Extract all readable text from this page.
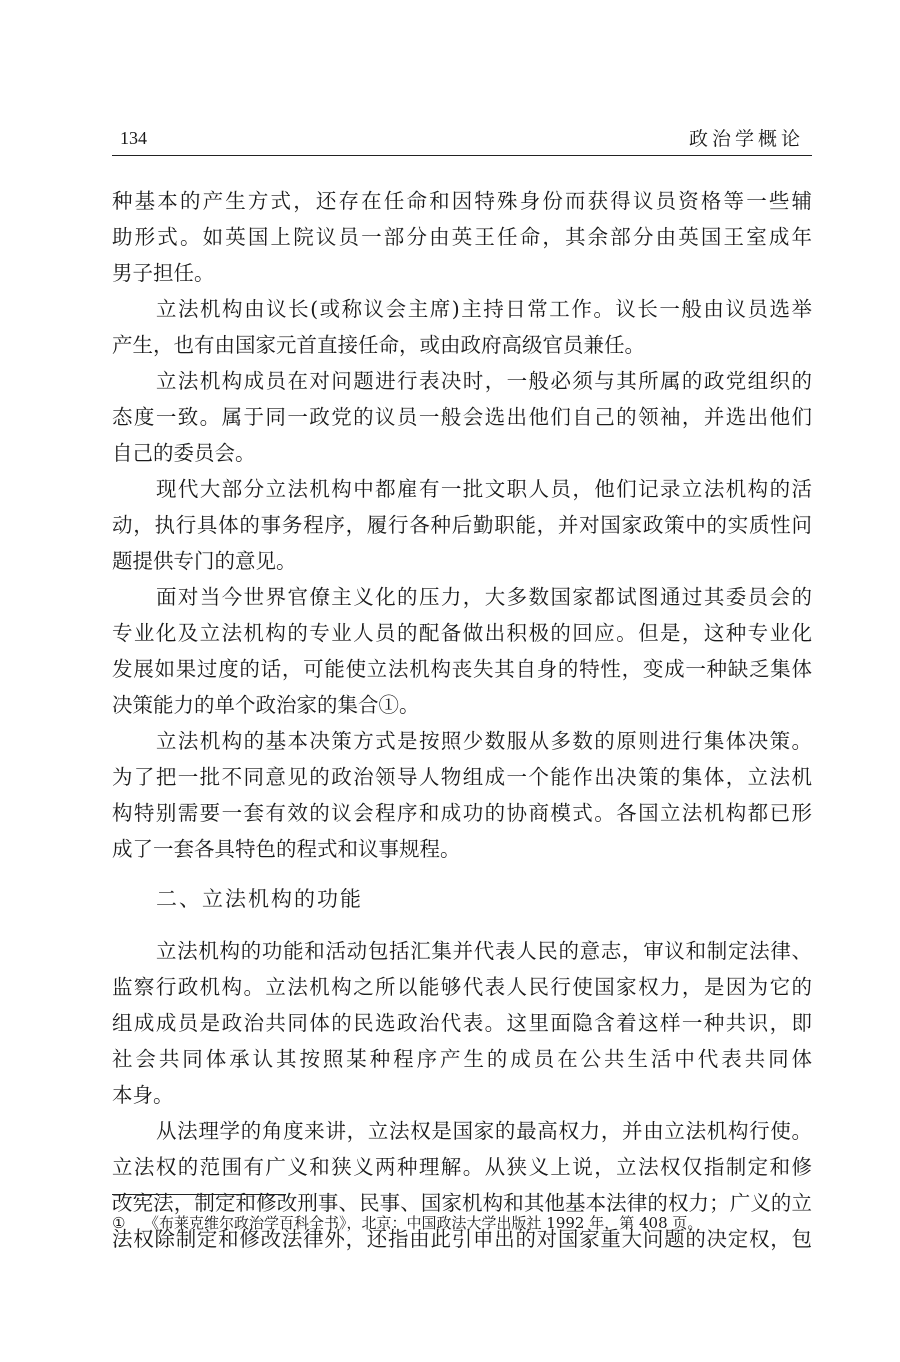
134	政治学概论
种基本的产生方式，还存在任命和因特殊身份而获得议员资格等一些辅
助形式。如英国上院议员一部分由英王任命，其余部分由英国王室成年
男子担任。
立法机构由议长(或称议会主席)主持日常工作。议长一般由议员选举
产生，也有由国家元首直接任命，或由政府高级官员兼任。
立法机构成员在对问题进行表决时，一般必须与其所属的政党组织的
态度一致。属于同一政党的议员一般会选出他们自己的领袖，并选出他们
自己的委员会。
现代大部分立法机构中都雇有一批文职人员，他们记录立法机构的活
动，执行具体的事务程序，履行各种后勤职能，并对国家政策中的实质性问
题提供专门的意见。
面对当今世界官僚主义化的压力，大多数国家都试图通过其委员会的
专业化及立法机构的专业人员的配备做出积极的回应。但是，这种专业化
发展如果过度的话，可能使立法机构丧失其自身的特性，变成一种缺乏集体
决策能力的单个政治家的集合①。
立法机构的基本决策方式是按照少数服从多数的原则进行集体决策。
为了把一批不同意见的政治领导人物组成一个能作出决策的集体，立法机
构特别需要一套有效的议会程序和成功的协商模式。各国立法机构都已形
成了一套各具特色的程式和议事规程。
二、立法机构的功能
立法机构的功能和活动包括汇集并代表人民的意志，审议和制定法律、
监察行政机构。立法机构之所以能够代表人民行使国家权力，是因为它的
组成成员是政治共同体的民选政治代表。这里面隐含着这样一种共识，即
社会共同体承认其按照某种程序产生的成员在公共生活中代表共同体
本身。
从法理学的角度来讲，立法权是国家的最高权力，并由立法机构行使。
立法权的范围有广义和狭义两种理解。从狭义上说，立法权仅指制定和修
改宪法，制定和修改刑事、民事、国家机构和其他基本法律的权力；广义的立
法权除制定和修改法律外，还指由此引申出的对国家重大问题的决定权，包
① 《布莱克维尔政治学百科全书》，北京：中国政法大学出版社 1992 年，第 408 页。
